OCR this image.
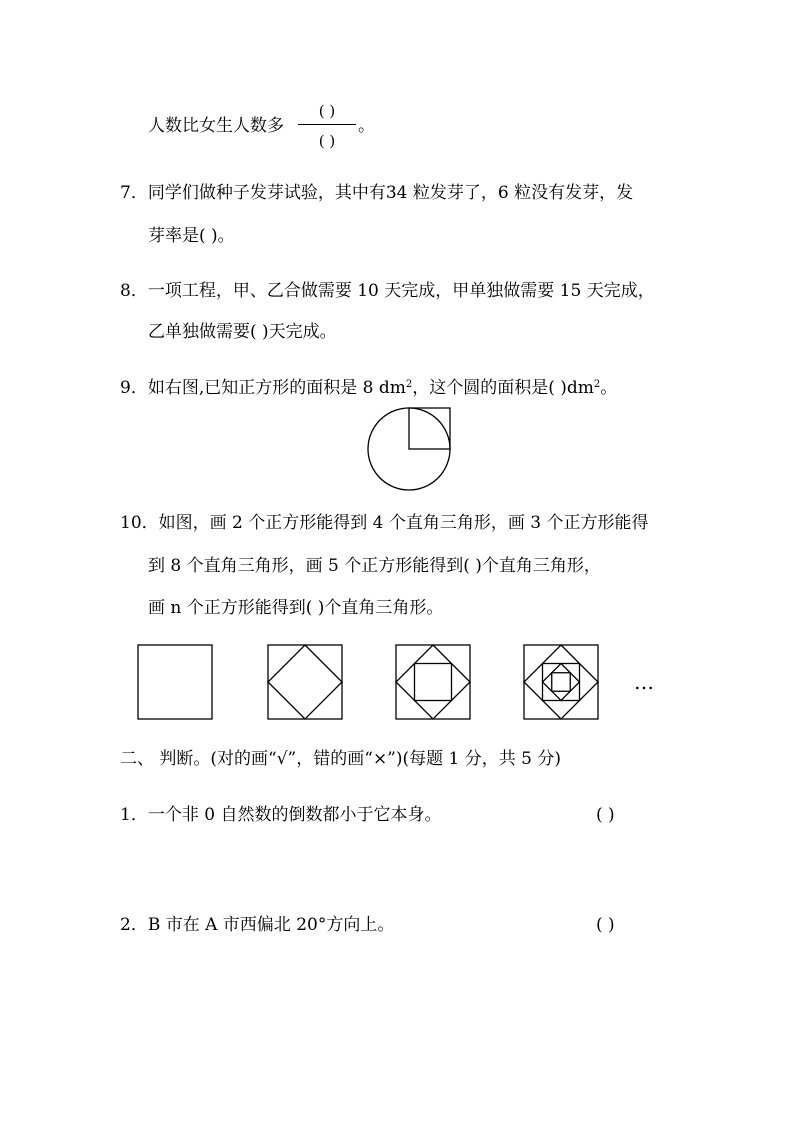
人数比女生人数多
( )
( )
。
7．同学们做种子发芽试验，其中有34 粒发芽了，6 粒没有发芽，发
芽率是( )。
8．一项工程，甲、乙合做需要 10 天完成，甲单独做需要 15 天完成，
乙单独做需要( )天完成。
9．如右图,已知正方形的面积是 8 $dm^2$，这个圆的面积是( )$dm^2$。
10．如图，画 2 个正方形能得到 4 个直角三角形，画 3 个正方形能得
到 8 个直角三角形，画 5 个正方形能得到( )个直角三角形，
画 n 个正方形能得到( )个直角三角形。
…
二、 判断。(对的画“√”，错的画“×”)(每题 1 分，共 5 分)
1．一个非 0 自然数的倒数都小于它本身。	( )
2．B 市在 A 市西偏北 20°方向上。	( )
